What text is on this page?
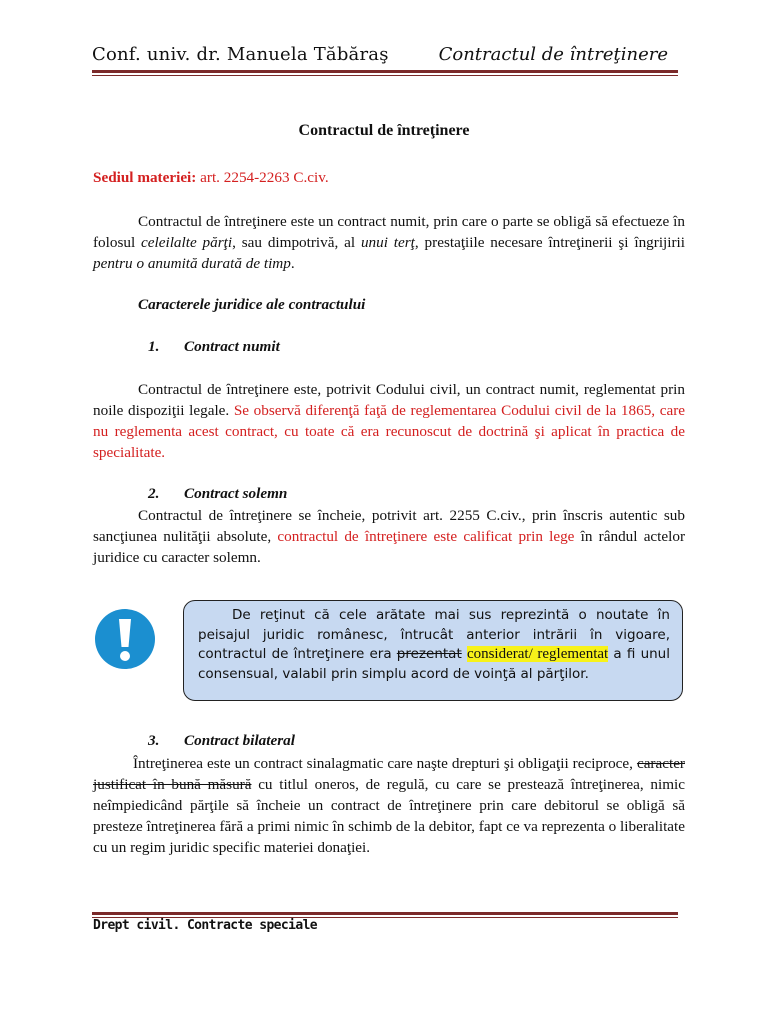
Conf. univ. dr. Manuela Tăbăraş	Contractul de întreţinere
Contractul de întreţinere
Sediul materiei: art. 2254-2263 C.civ.
Contractul de întreţinere este un contract numit, prin care o parte se obligă să efectueze în folosul celeilalte părţi, sau dimpotrivă, al unui terţ, prestaţiile necesare întreţinerii şi îngrijirii pentru o anumită durată de timp.
Caracterele juridice ale contractului
1. Contract numit
Contractul de întreţinere este, potrivit Codului civil, un contract numit, reglementat prin noile dispoziţii legale. Se observă diferenţă faţă de reglementarea Codului civil de la 1865, care nu reglementa acest contract, cu toate că era recunoscut de doctrină şi aplicat în practica de specialitate.
2. Contract solemn
Contractul de întreţinere se încheie, potrivit art. 2255 C.civ., prin înscris autentic sub sancţiunea nulităţii absolute, contractul de întreţinere este calificat prin lege în rândul actelor juridice cu caracter solemn.
De reţinut că cele arătate mai sus reprezintă o noutate în peisajul juridic românesc, întrucât anterior intrării în vigoare, contractul de întreţinere era prezentat considerat/ reglementat a fi unul consensual, valabil prin simplu acord de voinţă al părţilor.
3. Contract bilateral
Întreţinerea este un contract sinalagmatic care naşte drepturi şi obligaţii reciproce, caracter justificat în bună măsură cu titlul oneros, de regulă, cu care se prestează întreţinerea, nimic neîmpiedicând părţile să încheie un contract de întreţinere prin care debitorul se obligă să presteze întreţinerea fără a primi nimic în schimb de la debitor, fapt ce va reprezenta o liberalitate cu un regim juridic specific materiei donaţiei.
Drept civil. Contracte speciale
